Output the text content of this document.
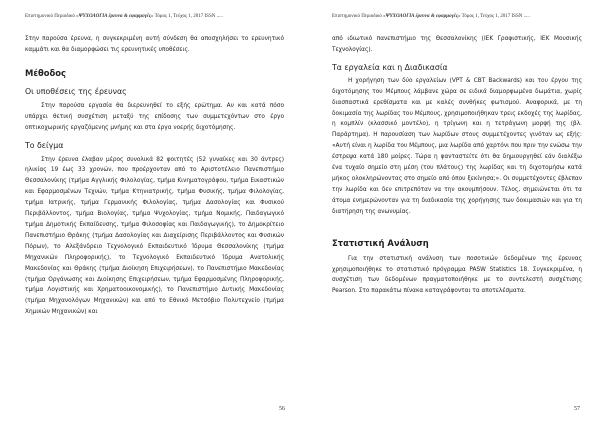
Επιστημονικό Περιοδικό «ΨΥΧΟΛΟΓΙΑ έρευνα & εφαρμογές» Τόμος 1, Τεύχος 1, 2017 ISSN .....

Στην παρούσα έρευνα, η συγκεκριμένη αυτή σύνδεση θα αποσχηλήσει το ερευνητικό καμμάτι και θα διαμορφώσει τις ερευνητικές υποθέσεις.

Μέθοδος
Οι υποθέσεις της έρευνας

Στην παρούσα εργασία θα διερευνηθεί το εξής ερώτημα. Αν και κατά πόσο υπάρχει θετική συσχέτιση μεταξύ της επίδοσης των συμμετεχόντων στο έργο οπτικοχωρικής εργαζόμενης μνήμης και στα έργα νοερής διχοτόμησης.

Το δείγμα

Στην έρευνα έλαβαν μέρος συνολικά 82 φοιτητές (52 γυναίκες και 30 άντρες) ηλικίας 19 έως 33 χρονών, που προέρχονταν από το Αριστοτέλειο Πανεπιστήμιο Θεσσαλονίκης (τμήμα Αγγλικής Φιλολογίας, τμήμα Κινηματογράφου, τμήμα Εικαστικών και Εφαρμοσμένων Τεχνών, τμήμα Κτηνιατρικής, τμήμα Φυσικής, τμήμα Φιλολογίας, τμήμα Ιατρικής, τμήμα Γερμανικής Φιλολογίας, τμήμα Δασολογίας και Φυσικού Περιβάλλοντος, τμήμα Βιολογίας, τμήμα Ψυχολογίας, τμήμα Νομικής, Παιδαγωγικό τμήμα Δημοτικής Εκπαίδευσης, τμήμα Φιλοσοφίας και Παιδαγωγικής), το Δημοκρίτειο Πανεπιστήμιο Θράκης (τμήμα Δασολογίας και Διαχείρισης Περιβάλλοντος και Φυσικών Πόρων), το Αλεξάνδρειο Τεχνολογικό Εκπαιδευτικό Ίδρυμα Θεσσαλονίκης (τμήμα Μηχανικών Πληροφορικής), το Τεχνολογικό Εκπαιδευτικό Ίδρυμα Ανατολικής Μακεδονίας και Θράκης (τμήμα Διοίκηση Επιχειρήσεων), το Πανεπιστήμιο Μακεδονίας (τμήμα Οργάνωσης και Διοίκησης Επιχειρήσεων, τμήμα Εφαρμοσμένης Πληροφορικής, τμήμα Λογιστικής και Χρηματοοικονομικής), το Πανεπιστήμιο Δυτικής Μακεδονίας (τμήμα Μηχανολόγων Μηχανικών) και από το Εθνικό Μετσόβιο Πολυτεχνείο (τμήμα Χημικών Μηχανικών) και

56
Επιστημονικό Περιοδικό «ΨΥΧΟΛΟΓΙΑ έρευνα & εφαρμογές» Τόμος 1, Τεύχος 1, 2017 ISSN .....

από ιδιωτικό πανεπιστήμιο της Θεσσαλονίκης (ΙΕΚ Γραφιστικής, ΙΕΚ Μουσικής Τεχνολογίας).

Τα εργαλεία και η Διαδικασία

Η χορήγηση των δύο εργαλείων (VPT & CBT Backwards) και του έργου της διχοτόμησης του Μέμπους λάμβανε χώρα σε ειδικά διαμορφωμένα δωμάτια, χωρίς διασπαστικά ερεθίσματα και με καλές συνθήκες φωτισμού. Αναφορικά, με τη δοκιμασία της λωρίδας του Μέμπους, χρησιμοποιήθηκαν τρεις εκδοχές της λωρίδας, η κομπλίν (κλασσικό μοντέλο), η τρίγωνη και η τετράγωνη μορφή της (βλ. Παράρτημα). Η παρουσίαση των λωρίδων στους συμμετέχοντες γινόταν ως εξής: «Αυτή είναι η λωρίδα του Μέμπους, μια λωρίδα από χαρτόνι που πριν την ενώσω την έστρεψα κατά 180 μοίρες. Τώρα η φανταστείτε ότι θα δημιουργηθεί εάν διαλέξω ένα τυχαίο σημείο στη μέση (του πλάτους) της λωρίδας και τη διχοτομήσω κατά μήκος ολοκληρώνοντας στο σημείο από όπου ξεκίνησα;». Οι συμμετέχοντες έβλεπαν την λωρίδα και δεν επιτρεπόταν να την ακουμπήσουν. Τέλος, σημειώνεται ότι τα άτομα ενημερώνονταν για τη διαδικασία της χορήγησης των δοκιμασιών και για τη διατήρηση της ανωνυμίας.

Στατιστική Ανάλυση

Για την στατιστική ανάλυση των ποσοτικών δεδομένων της έρευνας χρησιμοποιήθηκε το στατιστικό πρόγραμμα PASW Statistics 18. Συγκεκριμένα, η συσχέτιση των δεδομένων πραγματοποιήθηκε με το συντελεστή συσχέτισης Pearson. Στο παρακάτω πίνακα καταγράφονται τα αποτελέσματα.

57
